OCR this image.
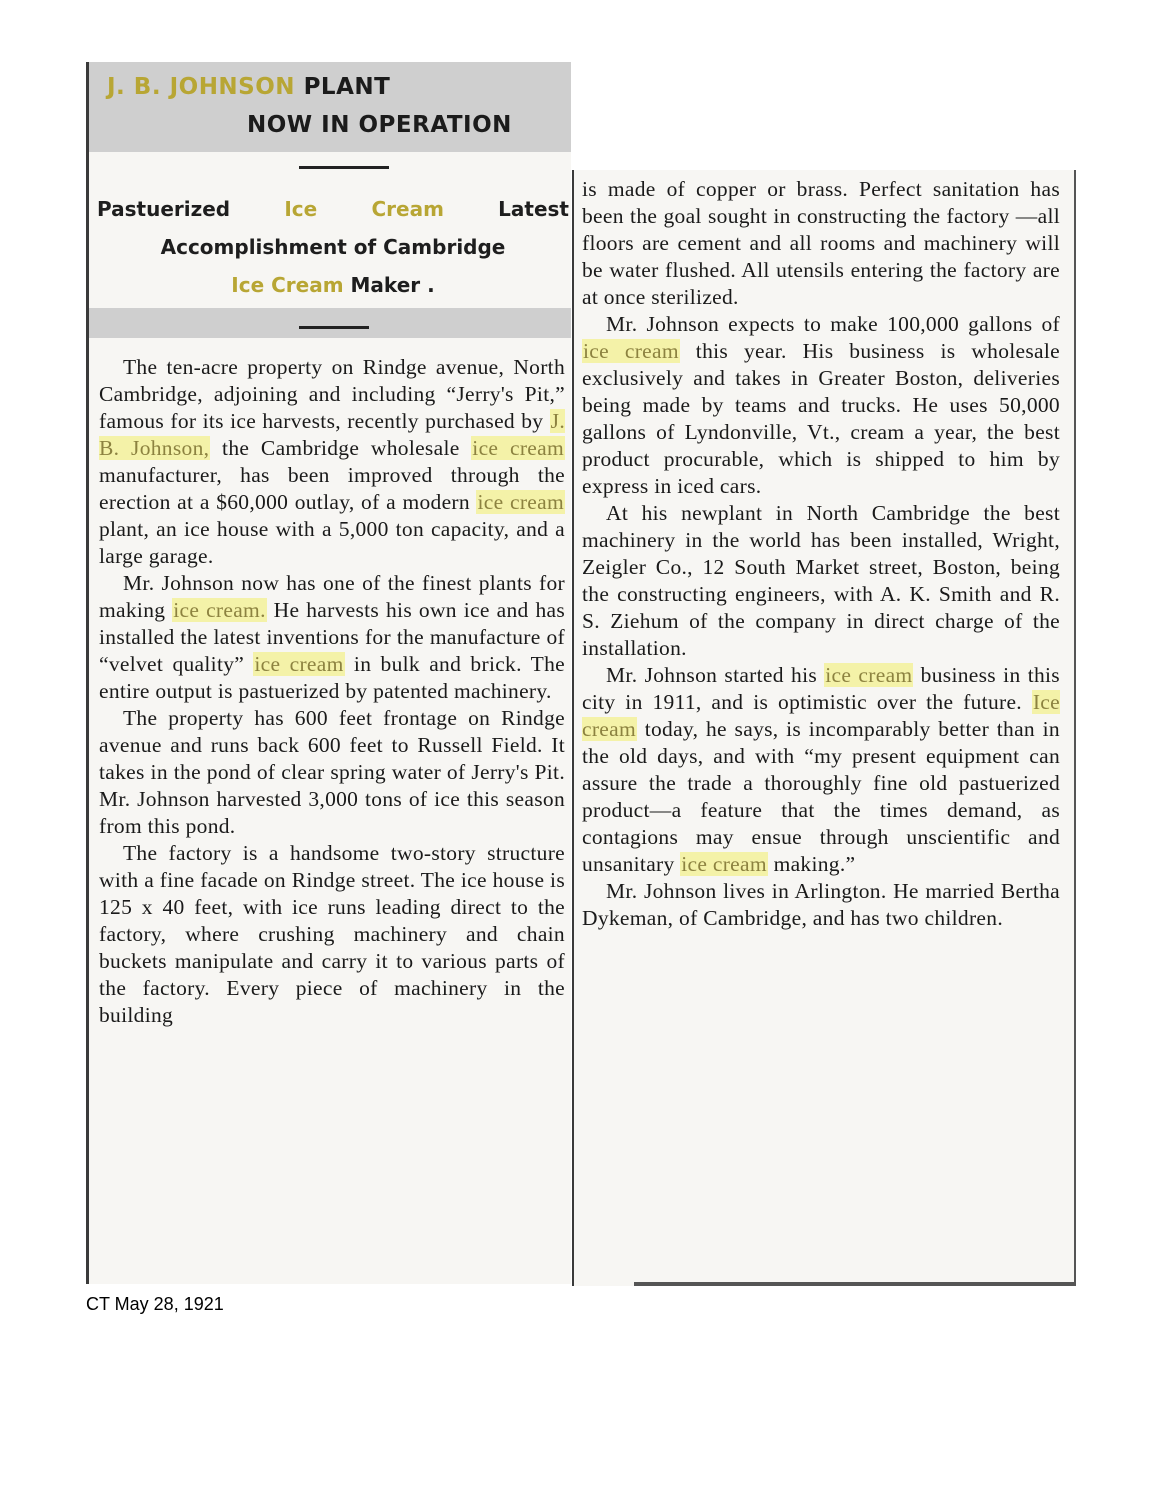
J. B. JOHNSON PLANT
NOW IN OPERATION
Pastuerized	Ice	Cream	Latest
Accomplishment of Cambridge
Ice Cream Maker .

The ten-acre property on Rindge avenue, North Cambridge, adjoining and including “Jerry's Pit,” famous for its ice harvests, recently purchased by J. B. Johnson, the Cambridge wholesale ice cream manufacturer, has been improved through the erection at a $60,000 outlay, of a modern ice cream plant, an ice house with a 5,000 ton capacity, and a large garage.

Mr. Johnson now has one of the finest plants for making ice cream. He harvests his own ice and has installed the latest inventions for the manufacture of “velvet quality” ice cream in bulk and brick. The entire output is pastuerized by patented machinery.

The property has 600 feet frontage on Rindge avenue and runs back 600 feet to Russell Field. It takes in the pond of clear spring water of Jerry's Pit. Mr. Johnson harvested 3,000 tons of ice this season from this pond.

The factory is a handsome two-story structure with a fine facade on Rindge street. The ice house is 125 x 40 feet, with ice runs leading direct to the factory, where crushing machinery and chain buckets manipulate and carry it to various parts of the factory. Every piece of machinery in the building

is made of copper or brass. Perfect sanitation has been the goal sought in constructing the factory —all floors are cement and all rooms and machinery will be water flushed. All utensils entering the factory are at once sterilized.

Mr. Johnson expects to make 100,000 gallons of ice cream this year. His business is wholesale exclusively and takes in Greater Boston, deliveries being made by teams and trucks. He uses 50,000 gallons of Lyndonville, Vt., cream a year, the best product procurable, which is shipped to him by express in iced cars.

At his newplant in North Cambridge the best machinery in the world has been installed, Wright, Zeigler Co., 12 South Market street, Boston, being the constructing engineers, with A. K. Smith and R. S. Ziehum of the company in direct charge of the installation.

Mr. Johnson started his ice cream business in this city in 1911, and is optimistic over the future. Ice cream today, he says, is incomparably better than in the old days, and with “my present equipment can assure the trade a thoroughly fine old pastuerized product—a feature that the times demand, as contagions may ensue through unscientific and unsanitary ice cream making.”

Mr. Johnson lives in Arlington. He married Bertha Dykeman, of Cambridge, and has two children.

CT May 28, 1921
